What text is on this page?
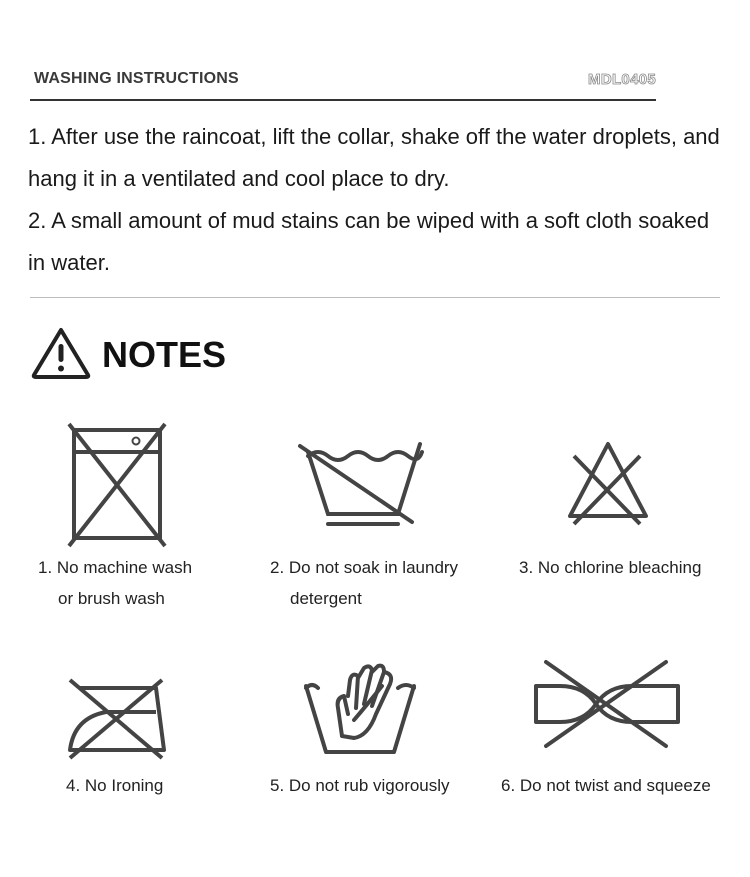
WASHING INSTRUCTIONS	MDL0405

1. After use the raincoat, lift the collar, shake off the water droplets, and hang it in a ventilated and cool place to dry.

2. A small amount of mud stains can be wiped with a soft cloth soaked in water.

NOTES
1. No machine wash
or brush wash
2. Do not soak in laundry
detergent
3. No chlorine bleaching
4. No Ironing	5. Do not rub vigorously	6. Do not twist and squeeze
